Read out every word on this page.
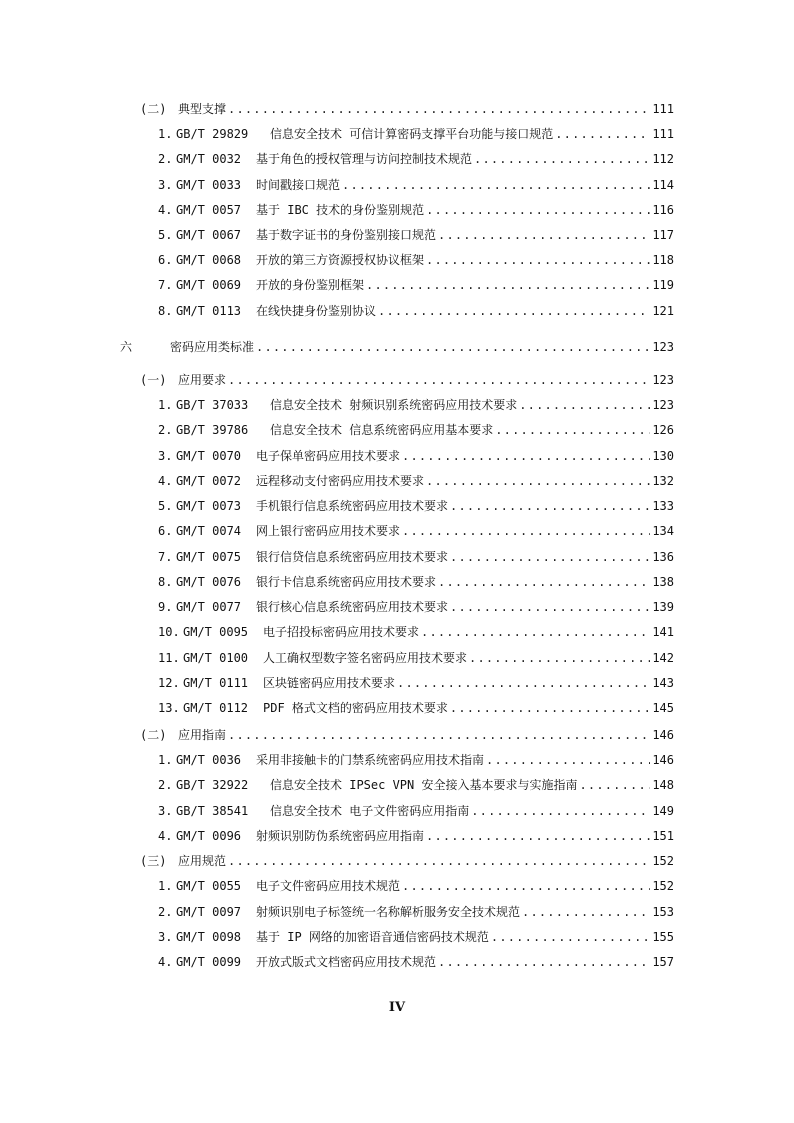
(二) 典型支撑 .....	111
1. GB/T 29829	信息安全技术 可信计算密码支撑平台功能与接口规范 .....	111
2. GM/T 0032	基于角色的授权管理与访问控制技术规范 .....	112
3. GM/T 0033	时间戳接口规范 .....	114
4. GM/T 0057	基于 IBC 技术的身份鉴别规范 .....	116
5. GM/T 0067	基于数字证书的身份鉴别接口规范 .....	117
6. GM/T 0068	开放的第三方资源授权协议框架 .....	118
7. GM/T 0069	开放的身份鉴别框架 .....	119
8. GM/T 0113	在线快捷身份鉴别协议 .....	121
六	密码应用类标准 .....	123
(一) 应用要求 .....	123
1. GB/T 37033	信息安全技术 射频识别系统密码应用技术要求 .....	123
2. GB/T 39786	信息安全技术 信息系统密码应用基本要求 .....	126
3. GM/T 0070	电子保单密码应用技术要求 .....	130
4. GM/T 0072	远程移动支付密码应用技术要求 .....	132
5. GM/T 0073	手机银行信息系统密码应用技术要求 .....	133
6. GM/T 0074	网上银行密码应用技术要求 .....	134
7. GM/T 0075	银行信贷信息系统密码应用技术要求 .....	136
8. GM/T 0076	银行卡信息系统密码应用技术要求 .....	138
9. GM/T 0077	银行核心信息系统密码应用技术要求 .....	139
10. GM/T 0095	电子招投标密码应用技术要求 .....	141
11. GM/T 0100	人工确权型数字签名密码应用技术要求 .....	142
12. GM/T 0111	区块链密码应用技术要求 .....	143
13. GM/T 0112	PDF 格式文档的密码应用技术要求 .....	145
(二) 应用指南 .....	146
1. GM/T 0036	采用非接触卡的门禁系统密码应用技术指南 .....	146
2. GB/T 32922	信息安全技术 IPSec VPN 安全接入基本要求与实施指南 .....	148
3. GB/T 38541	信息安全技术 电子文件密码应用指南 .....	149
4. GM/T 0096	射频识别防伪系统密码应用指南 .....	151
(三) 应用规范 .....	152
1. GM/T 0055	电子文件密码应用技术规范 .....	152
2. GM/T 0097	射频识别电子标签统一名称解析服务安全技术规范 .....	153
3. GM/T 0098	基于 IP 网络的加密语音通信密码技术规范 .....	155
4. GM/T 0099	开放式版式文档密码应用技术规范 .....	157
IV
